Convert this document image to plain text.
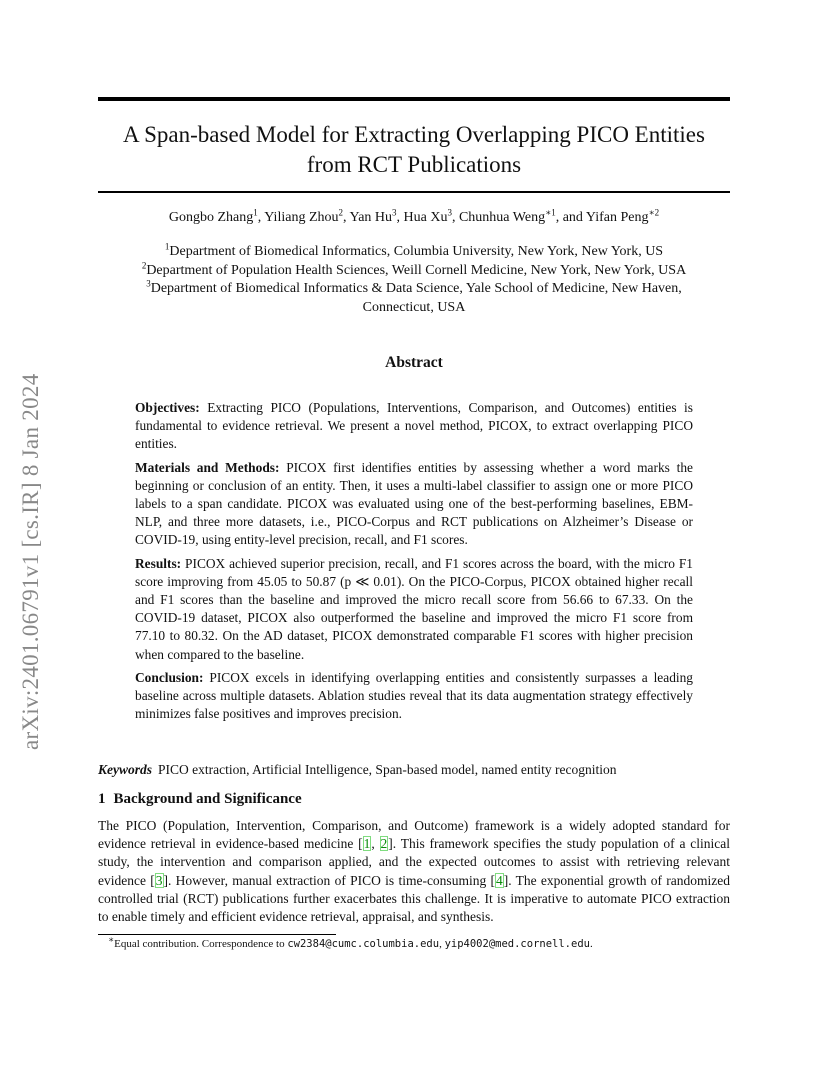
arXiv:2401.06791v1 [cs.IR] 8 Jan 2024
A Span-based Model for Extracting Overlapping PICO Entities
from RCT Publications
Gongbo Zhang$^1$, Yiliang Zhou$^2$, Yan Hu$^3$, Hua Xu$^3$, Chunhua Weng$^{∗1}$, and Yifan Peng$^{∗2}$
$^1$Department of Biomedical Informatics, Columbia University, New York, New York, US
$^2$Department of Population Health Sciences, Weill Cornell Medicine, New York, New York, USA
$^3$Department of Biomedical Informatics & Data Science, Yale School of Medicine, New Haven,
Connecticut, USA
Abstract

Objectives: Extracting PICO (Populations, Interventions, Comparison, and Outcomes) entities is fundamental to evidence retrieval. We present a novel method, PICOX, to extract overlapping PICO entities.

Materials and Methods: PICOX first identifies entities by assessing whether a word marks the beginning or conclusion of an entity. Then, it uses a multi-label classifier to assign one or more PICO labels to a span candidate. PICOX was evaluated using one of the best-performing baselines, EBM-NLP, and three more datasets, i.e., PICO-Corpus and RCT publications on Alzheimer’s Disease or COVID-19, using entity-level precision, recall, and F1 scores.

Results: PICOX achieved superior precision, recall, and F1 scores across the board, with the micro F1 score improving from 45.05 to 50.87 (p ≪ 0.01). On the PICO-Corpus, PICOX obtained higher recall and F1 scores than the baseline and improved the micro recall score from 56.66 to 67.33. On the COVID-19 dataset, PICOX also outperformed the baseline and improved the micro F1 score from 77.10 to 80.32. On the AD dataset, PICOX demonstrated comparable F1 scores with higher precision when compared to the baseline.

Conclusion: PICOX excels in identifying overlapping entities and consistently surpasses a leading baseline across multiple datasets. Ablation studies reveal that its data augmentation strategy effectively minimizes false positives and improves precision.

Keywords PICO extraction, Artificial Intelligence, Span-based model, named entity recognition
1 Background and Significance

The PICO (Population, Intervention, Comparison, and Outcome) framework is a widely adopted standard for evidence retrieval in evidence-based medicine [1, 2]. This framework specifies the study population of a clinical study, the intervention and comparison applied, and the expected outcomes to assist with retrieving relevant evidence [3]. However, manual extraction of PICO is time-consuming [4]. The exponential growth of randomized controlled trial (RCT) publications further exacerbates this challenge. It is imperative to automate PICO extraction to enable timely and efficient evidence retrieval, appraisal, and synthesis.

∗Equal contribution. Correspondence to cw2384@cumc.columbia.edu, yip4002@med.cornell.edu.
